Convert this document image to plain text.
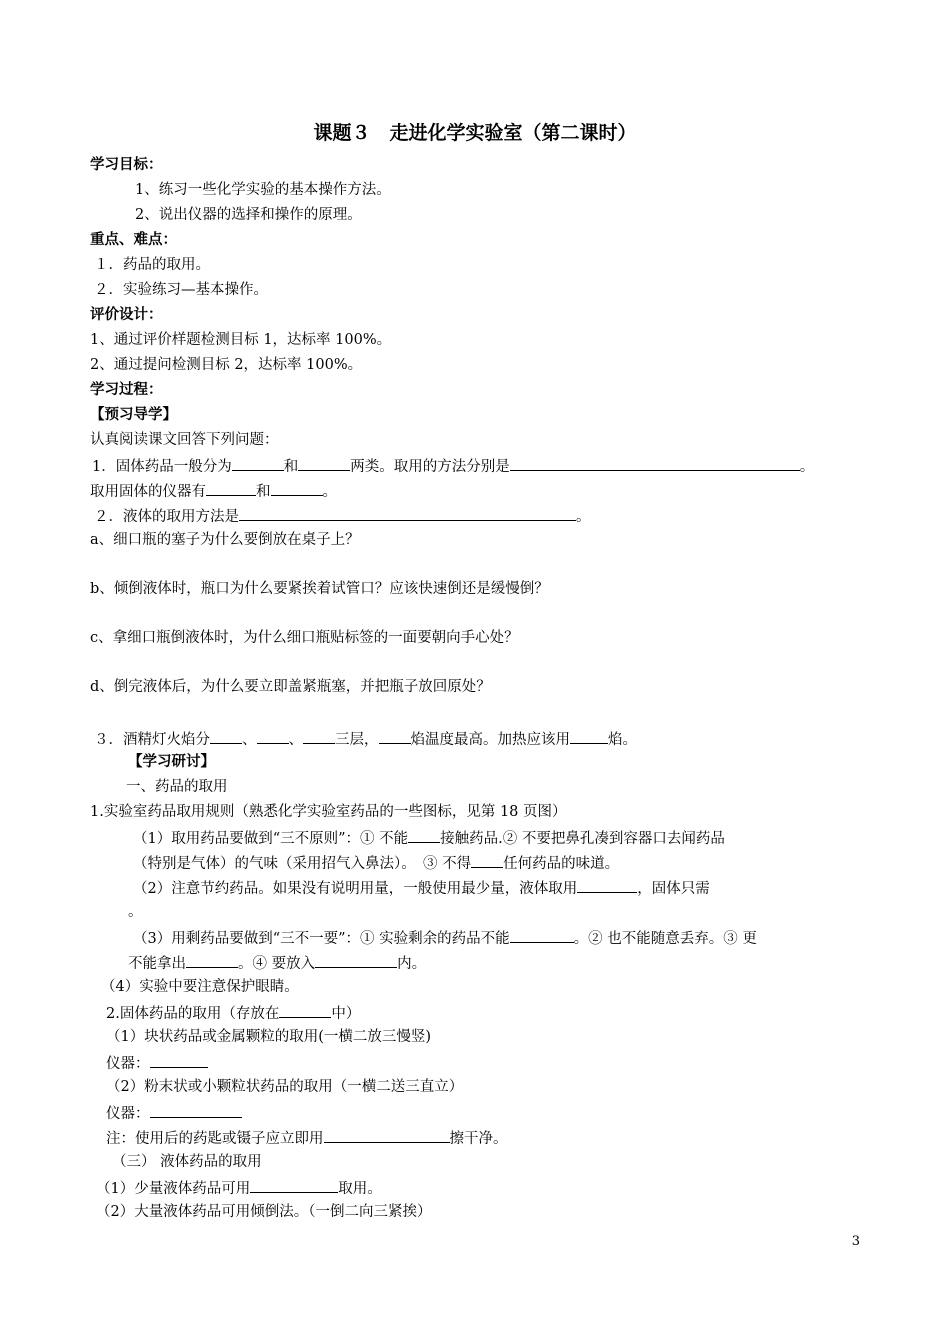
课题３　走进化学实验室（第二课时）
学习目标：
1、练习一些化学实验的基本操作方法。
2、说出仪器的选择和操作的原理。
重点、难点：
１．药品的取用。
２．实验练习—基本操作。
评价设计：
1、通过评价样题检测目标 1，达标率 100%。
2、通过提问检测目标 2，达标率 100%。
学习过程：
【预习导学】
认真阅读课文回答下列问题：
1．固体药品一般分为	和	两类。取用的方法分别是	。
取用固体的仪器有	和	。
２．液体的取用方法是	。
a、细口瓶的塞子为什么要倒放在桌子上？
b、倾倒液体时，瓶口为什么要紧挨着试管口？应该快速倒还是缓慢倒？
c、拿细口瓶倒液体时，为什么细口瓶贴标签的一面要朝向手心处？
d、倒完液体后，为什么要立即盖紧瓶塞，并把瓶子放回原处？
３．酒精灯火焰分 、 、 三层， 焰温度最高。加热应该用	焰。
【学习研讨】
一、药品的取用
1.实验室药品取用规则（熟悉化学实验室药品的一些图标，见第 18 页图）
（1）取用药品要做到“三不原则”：① 不能 接触药品.② 不要把鼻孔凑到容器口去闻药品
（特别是气体）的气味（采用招气入鼻法）。　③ 不得 任何药品的味道。
（2）注意节约药品。如果没有说明用量，一般使用最少量，液体取用	，固体只需
。
（3）用剩药品要做到“三不一要”：① 实验剩余的药品不能	。② 也不能随意丢弃。③ 更
不能拿出	。④ 要放入	内。
（4）实验中要注意保护眼睛。
2.固体药品的取用（存放在	中）
（1）块状药品或金属颗粒的取用(一横二放三慢竖)
仪器：
（2）粉末状或小颗粒状药品的取用（一横二送三直立）
仪器：
注：使用后的药匙或镊子应立即用	擦干净。
（三） 液体药品的取用
（1）少量液体药品可用	取用。
（2）大量液体药品可用倾倒法。（一倒二向三紧挨）
3
